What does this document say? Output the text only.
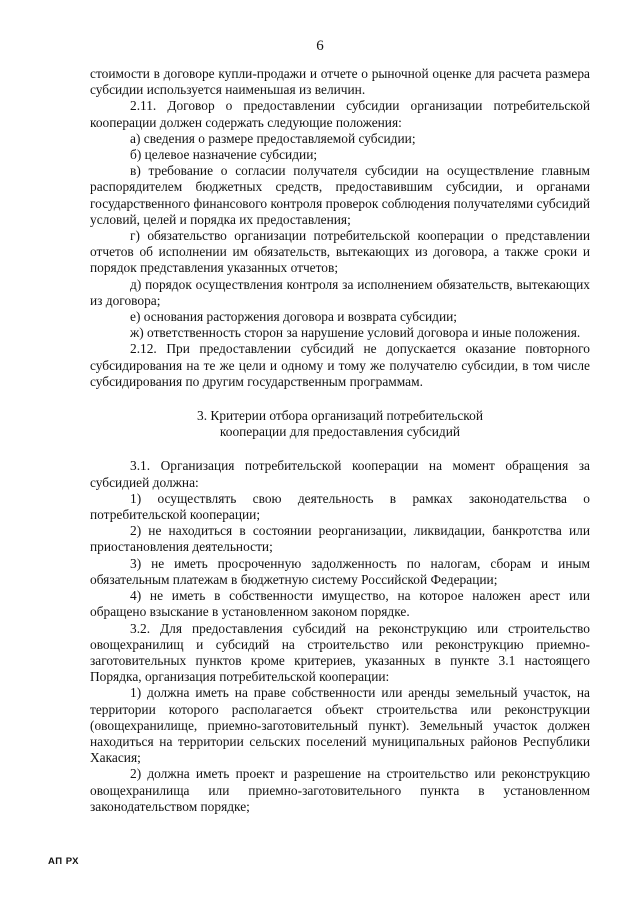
6

стоимости в договоре купли-продажи и отчете о рыночной оценке для расчета размера субсидии используется наименьшая из величин.

2.11. Договор о предоставлении субсидии организации потребительской кооперации должен содержать следующие положения:

а) сведения о размере предоставляемой субсидии;

б) целевое назначение субсидии;

в) требование о согласии получателя субсидии на осуществление главным распорядителем бюджетных средств, предоставившим субсидии, и органами государственного финансового контроля проверок соблюдения получателями субсидий условий, целей и порядка их предоставления;

г) обязательство организации потребительской кооперации о представлении отчетов об исполнении им обязательств, вытекающих из договора, а также сроки и порядок представления указанных отчетов;

д) порядок осуществления контроля за исполнением обязательств, вытекающих из договора;

е) основания расторжения договора и возврата субсидии;

ж) ответственность сторон за нарушение условий договора и иные положения.

2.12. При предоставлении субсидий не допускается оказание повторного субсидирования на те же цели и одному и тому же получателю субсидии, в том числе субсидирования по другим государственным программам.

3. Критерии отбора организаций потребительской
кооперации для предоставления субсидий

3.1. Организация потребительской кооперации на момент обращения за субсидией должна:

1) осуществлять свою деятельность в рамках законодательства о потребительской кооперации;

2) не находиться в состоянии реорганизации, ликвидации, банкротства или приостановления деятельности;

3) не иметь просроченную задолженность по налогам, сборам и иным обязательным платежам в бюджетную систему Российской Федерации;

4) не иметь в собственности имущество, на которое наложен арест или обращено взыскание в установленном законом порядке.

3.2. Для предоставления субсидий на реконструкцию или строительство овощехранилищ и субсидий на строительство или реконструкцию приемно-заготовительных пунктов кроме критериев, указанных в пункте 3.1 настоящего Порядка, организация потребительской кооперации:

1) должна иметь на праве собственности или аренды земельный участок, на территории которого располагается объект строительства или реконструкции (овощехранилище, приемно-заготовительный пункт). Земельный участок должен находиться на территории сельских поселений муниципальных районов Республики Хакасия;

2) должна иметь проект и разрешение на строительство или реконструкцию овощехранилища или приемно-заготовительного пункта в установленном законодательством порядке;

АП РХ
